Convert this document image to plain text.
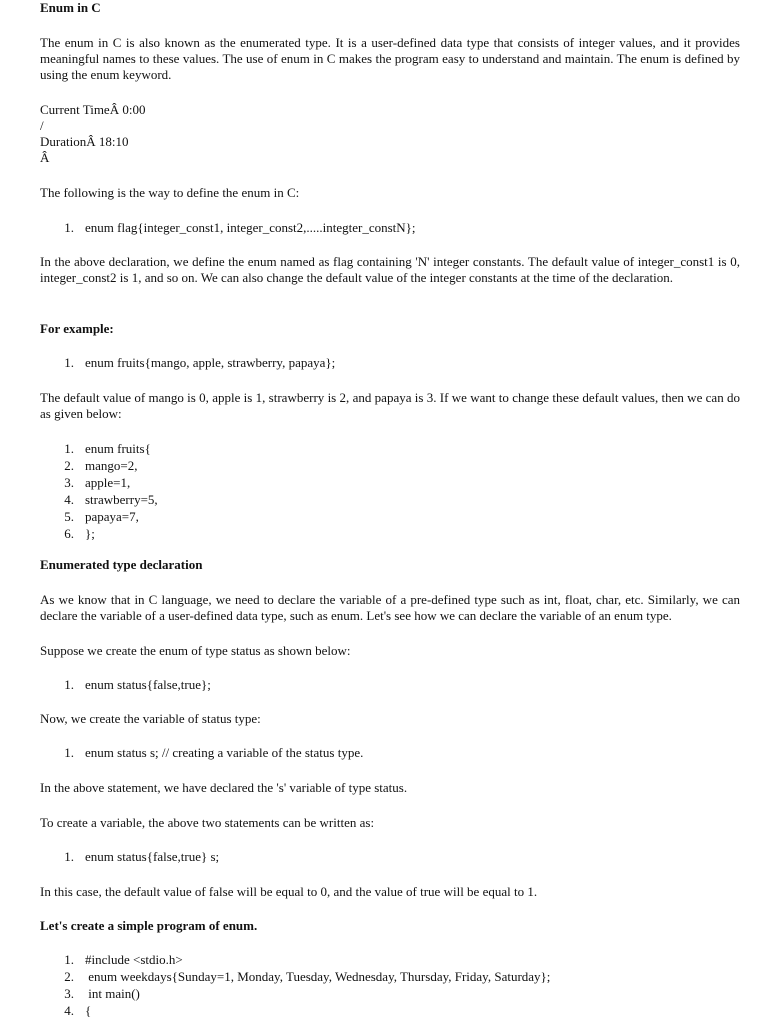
Enum in C

The enum in C is also known as the enumerated type. It is a user-defined data type that consists of integer values, and it provides meaningful names to these values. The use of enum in C makes the program easy to understand and maintain. The enum is defined by using the enum keyword.

Current TimeÂ 0:00
/
DurationÂ 18:10
Â

The following is the way to define the enum in C:

1. enum flag{integer_const1, integer_const2,.....integter_constN};

In the above declaration, we define the enum named as flag containing 'N' integer constants. The default value of integer_const1 is 0, integer_const2 is 1, and so on. We can also change the default value of the integer constants at the time of the declaration.

For example:

1. enum fruits{mango, apple, strawberry, papaya};

The default value of mango is 0, apple is 1, strawberry is 2, and papaya is 3. If we want to change these default values, then we can do as given below:

1. enum fruits{
2. mango=2,
3. apple=1,
4. strawberry=5,
5. papaya=7,
6. };

Enumerated type declaration

As we know that in C language, we need to declare the variable of a pre-defined type such as int, float, char, etc. Similarly, we can declare the variable of a user-defined data type, such as enum. Let's see how we can declare the variable of an enum type.

Suppose we create the enum of type status as shown below:

1. enum status{false,true};

Now, we create the variable of status type:

1. enum status s; // creating a variable of the status type.

In the above statement, we have declared the 's' variable of type status.

To create a variable, the above two statements can be written as:

1. enum status{false,true} s;

In this case, the default value of false will be equal to 0, and the value of true will be equal to 1.

Let's create a simple program of enum.

1. #include <stdio.h>
2. enum weekdays{Sunday=1, Monday, Tuesday, Wednesday, Thursday, Friday, Saturday};
3. int main()
4. {
